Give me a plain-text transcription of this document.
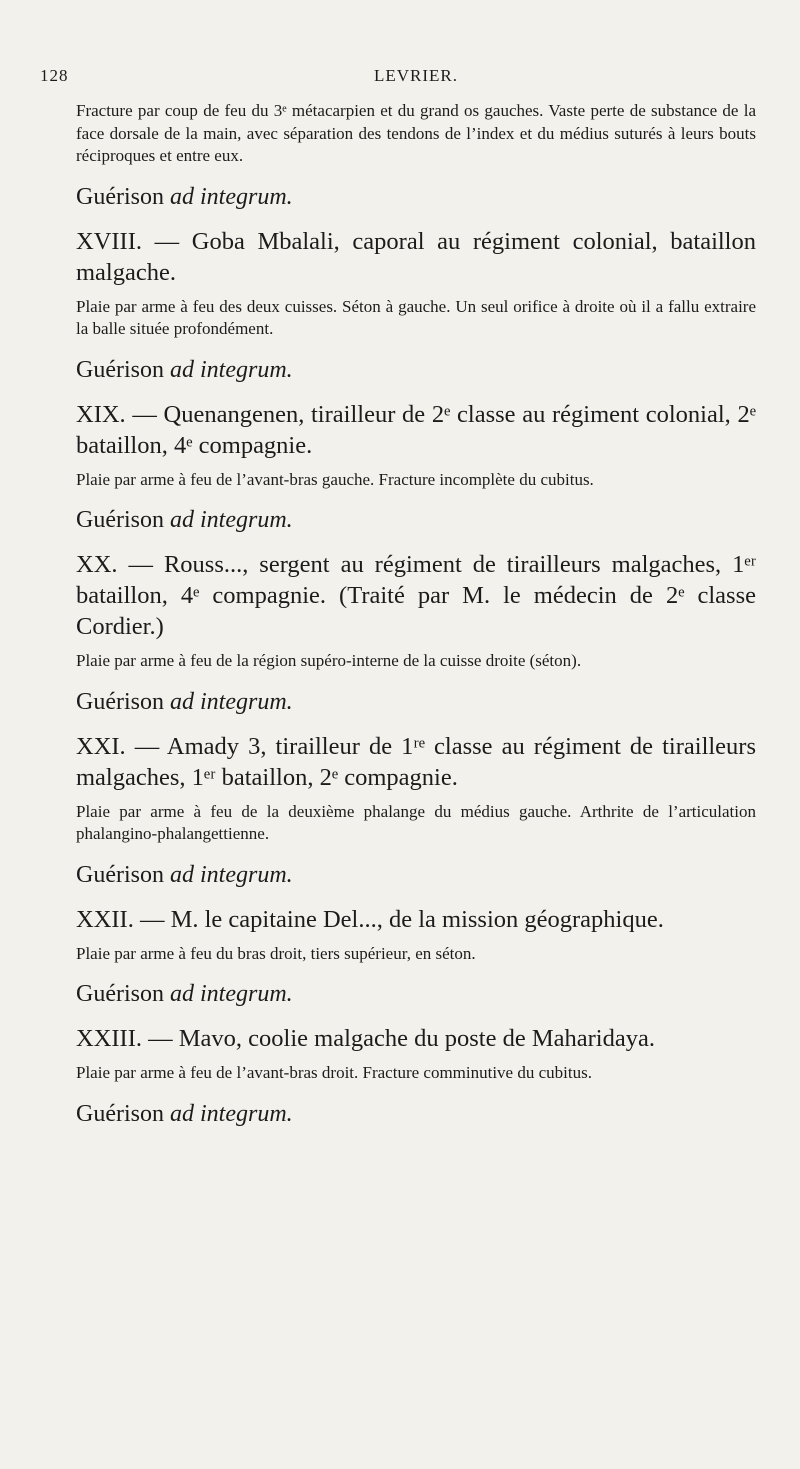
128	LEVRIER.

Fracture par coup de feu du 3ᵉ métacarpien et du grand os gauches. Vaste perte de substance de la face dorsale de la main, avec séparation des tendons de l’index et du médius suturés à leurs bouts réciproques et entre eux.

Guérison ad integrum.

XVIII. — Goba Mbalali, caporal au régiment colonial, bataillon malgache.

Plaie par arme à feu des deux cuisses. Séton à gauche. Un seul orifice à droite où il a fallu extraire la balle située profondément.

Guérison ad integrum.

XIX. — Quenangenen, tirailleur de 2ᵉ classe au régiment colonial, 2ᵉ bataillon, 4ᵉ compagnie.

Plaie par arme à feu de l’avant-bras gauche. Fracture incomplète du cubitus.

Guérison ad integrum.

XX. — Rouss..., sergent au régiment de tirailleurs malgaches, 1ᵉʳ bataillon, 4ᵉ compagnie. (Traité par M. le médecin de 2ᵉ classe Cordier.)

Plaie par arme à feu de la région supéro-interne de la cuisse droite (séton).

Guérison ad integrum.

XXI. — Amady 3, tirailleur de 1ʳᵉ classe au régiment de tirailleurs malgaches, 1ᵉʳ bataillon, 2ᵉ compagnie.

Plaie par arme à feu de la deuxième phalange du médius gauche. Arthrite de l’articulation phalangino-phalangettienne.

Guérison ad integrum.

XXII. — M. le capitaine Del..., de la mission géographique.

Plaie par arme à feu du bras droit, tiers supérieur, en séton.

Guérison ad integrum.

XXIII. — Mavo, coolie malgache du poste de Maharidaya.

Plaie par arme à feu de l’avant-bras droit. Fracture comminutive du cubitus.

Guérison ad integrum.
